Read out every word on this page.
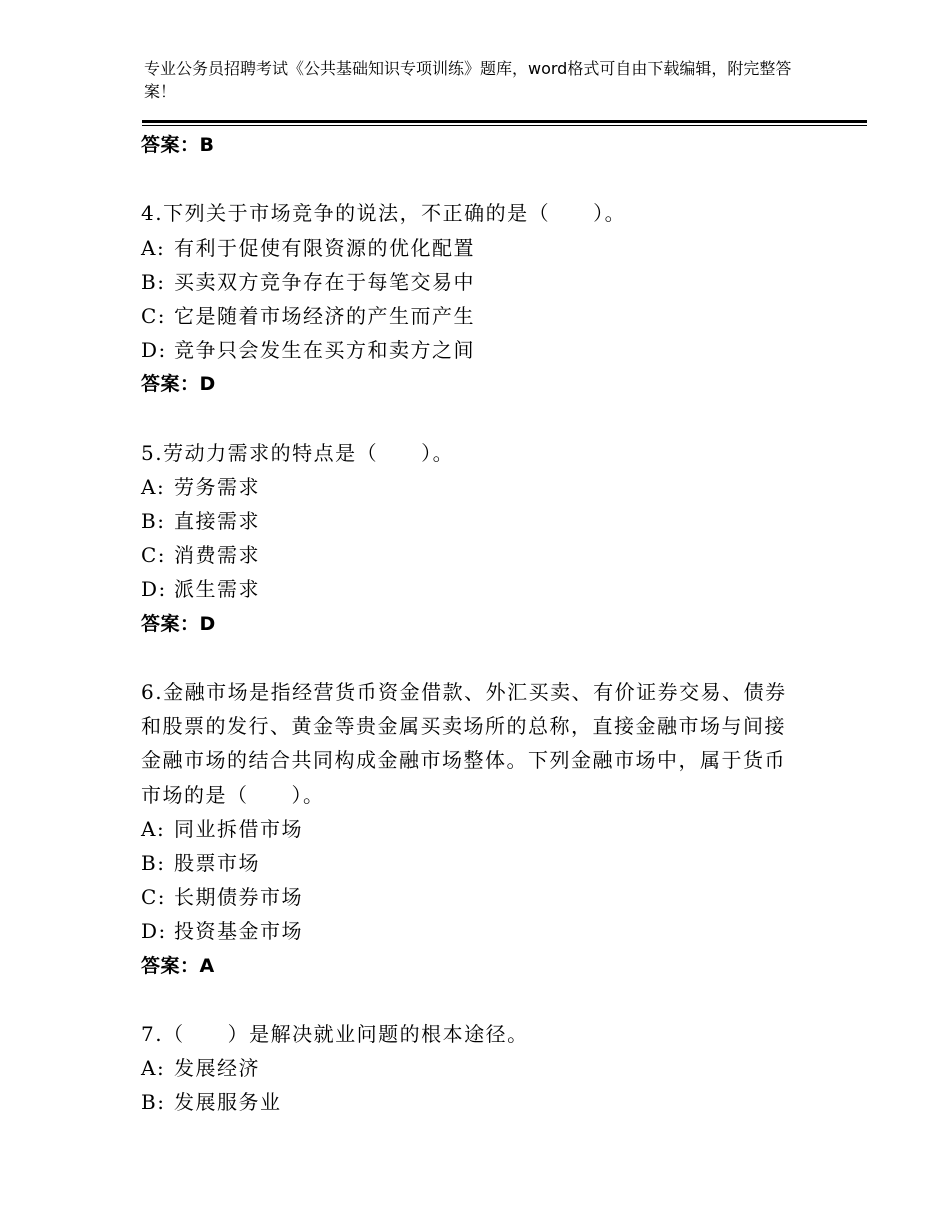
专业公务员招聘考试《公共基础知识专项训练》题库，word格式可自由下载编辑，附完整答案！
答案：B
4.下列关于市场竞争的说法，不正确的是（　　）。
A: 有利于促使有限资源的优化配置
B: 买卖双方竞争存在于每笔交易中
C: 它是随着市场经济的产生而产生
D: 竞争只会发生在买方和卖方之间
答案：D
5.劳动力需求的特点是（　　）。
A: 劳务需求
B: 直接需求
C: 消费需求
D: 派生需求
答案：D
6.金融市场是指经营货币资金借款、外汇买卖、有价证券交易、债券
和股票的发行、黄金等贵金属买卖场所的总称，直接金融市场与间接
金融市场的结合共同构成金融市场整体。下列金融市场中，属于货币
市场的是（　　）。
A: 同业拆借市场
B: 股票市场
C: 长期债券市场
D: 投资基金市场
答案：A
7.（　　）是解决就业问题的根本途径。
A: 发展经济
B: 发展服务业
